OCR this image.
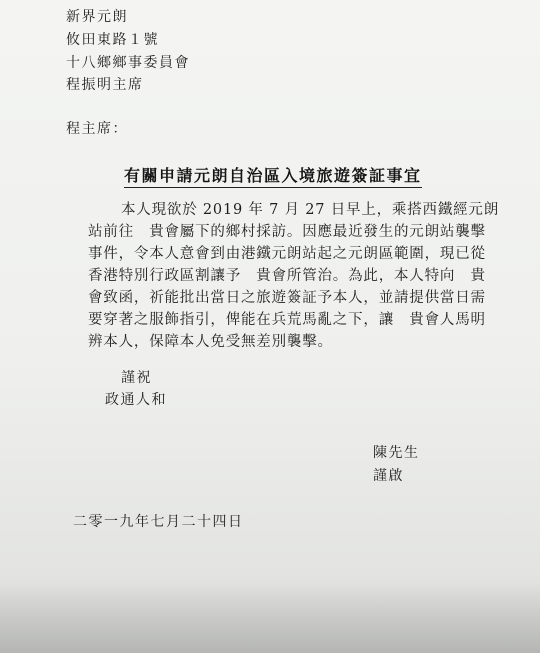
新界元朗
攸田東路１號
十八鄉鄉事委員會
程振明主席
程主席：
有關申請元朗自治區入境旅遊簽証事宜
本人現欲於 2019 年 7 月 27 日早上，乘搭西鐵經元朗
站前往　貴會屬下的鄉村採訪。因應最近發生的元朗站襲擊
事件，令本人意會到由港鐵元朗站起之元朗區範圍，現已從
香港特別行政區割讓予　貴會所管治。為此，本人特向　貴
會致函，祈能批出當日之旅遊簽証予本人，並請提供當日需
要穿著之服飾指引，俾能在兵荒馬亂之下，讓　貴會人馬明
辨本人，保障本人免受無差別襲擊。
謹祝
政通人和
陳先生
謹啟
二零一九年七月二十四日
